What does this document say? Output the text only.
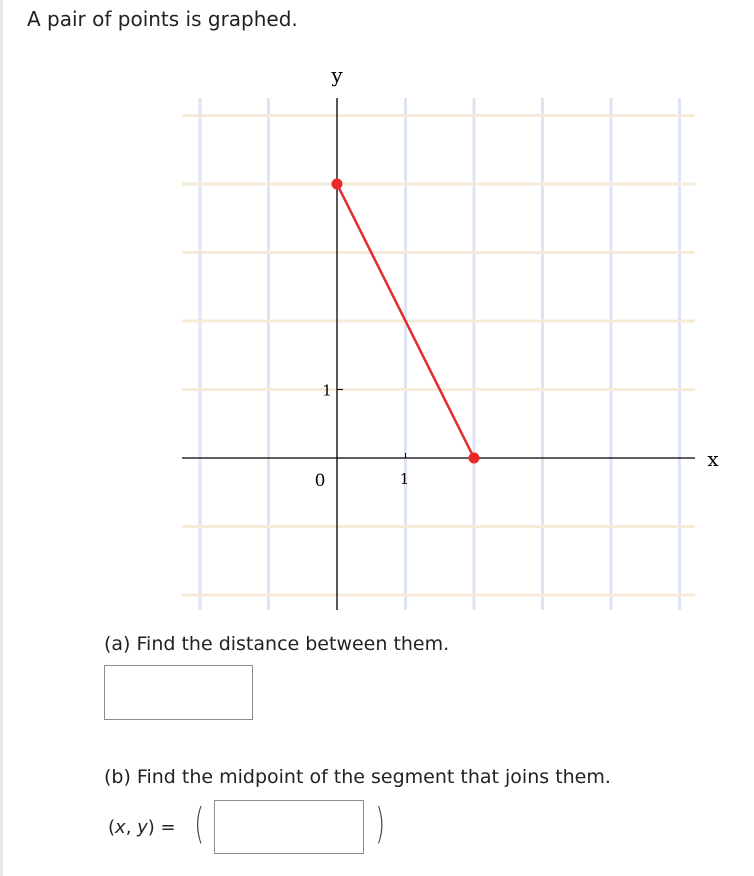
A pair of points is graphed.
y
x
0	1
1
(a) Find the distance between them.
(b) Find the midpoint of the segment that joins them.
(x, y) = (	)
